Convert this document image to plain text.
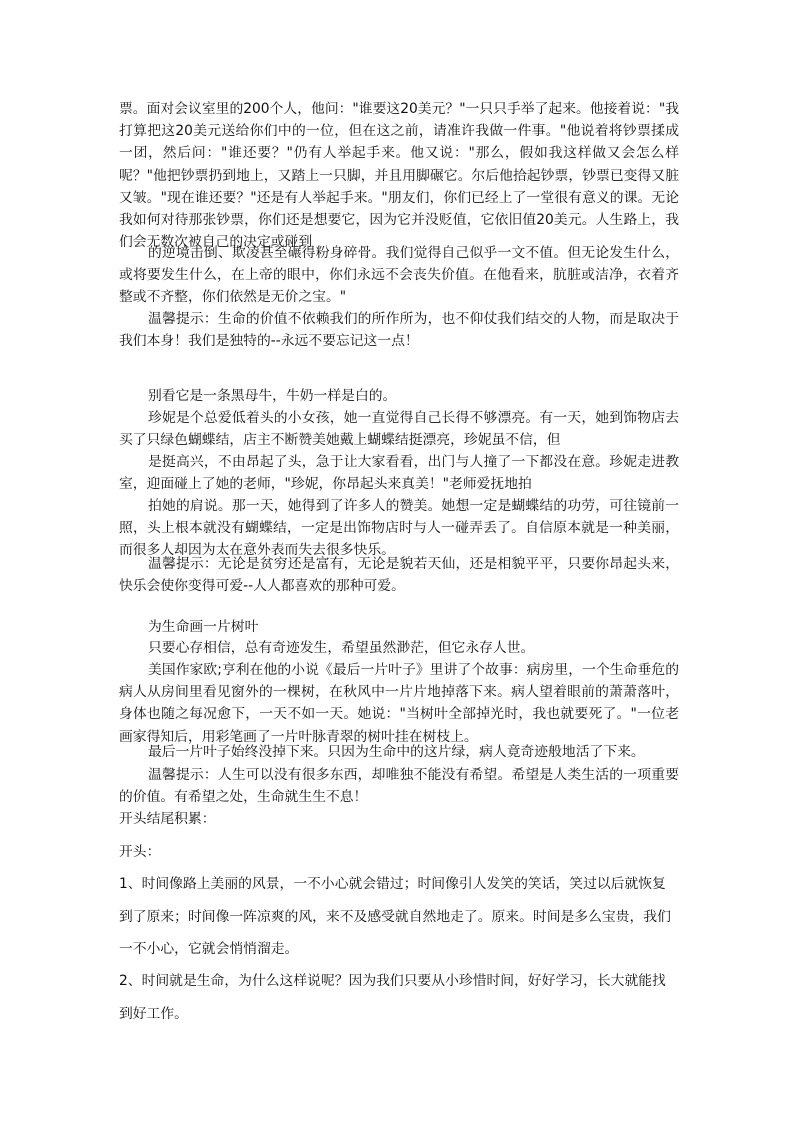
票。面对会议室里的200个人，他问："谁要这20美元？"一只只手举了起来。他接着说："我打算把这20美元送给你们中的一位，但在这之前，请准许我做一件事。"他说着将钞票揉成一团，然后问："谁还要？"仍有人举起手来。他又说："那么，假如我这样做又会怎么样呢？"他把钞票扔到地上，又踏上一只脚，并且用脚碾它。尔后他拾起钞票，钞票已变得又脏又皱。"现在谁还要？"还是有人举起手来。"朋友们，你们已经上了一堂很有意义的课。无论我如何对待那张钞票，你们还是想要它，因为它并没贬值，它依旧值20美元。人生路上，我们会无数次被自己的决定或碰到

的逆境击倒、欺凌甚至碾得粉身碎骨。我们觉得自己似乎一文不值。但无论发生什么，或将要发生什么，在上帝的眼中，你们永远不会丧失价值。在他看来，肮脏或洁净，衣着齐整或不齐整，你们依然是无价之宝。"

温馨提示：生命的价值不依赖我们的所作所为，也不仰仗我们结交的人物，而是取决于我们本身！我们是独特的--永远不要忘记这一点！

别看它是一条黑母牛，牛奶一样是白的。

珍妮是个总爱低着头的小女孩，她一直觉得自己长得不够漂亮。有一天，她到饰物店去买了只绿色蝴蝶结，店主不断赞美她戴上蝴蝶结挺漂亮，珍妮虽不信，但

是挺高兴，不由昂起了头，急于让大家看看，出门与人撞了一下都没在意。珍妮走进教室，迎面碰上了她的老师，"珍妮，你昂起头来真美！"老师爱抚地拍

拍她的肩说。那一天，她得到了许多人的赞美。她想一定是蝴蝶结的功劳，可往镜前一照，头上根本就没有蝴蝶结，一定是出饰物店时与人一碰弄丢了。自信原本就是一种美丽，而很多人却因为太在意外表而失去很多快乐。

温馨提示：无论是贫穷还是富有，无论是貌若天仙，还是相貌平平，只要你昂起头来，快乐会使你变得可爱--人人都喜欢的那种可爱。

为生命画一片树叶

只要心存相信，总有奇迹发生，希望虽然渺茫，但它永存人世。

美国作家欧;亨利在他的小说《最后一片叶子》里讲了个故事：病房里，一个生命垂危的病人从房间里看见窗外的一棵树，在秋风中一片片地掉落下来。病人望着眼前的萧萧落叶，身体也随之每况愈下，一天不如一天。她说："当树叶全部掉光时，我也就要死了。"一位老画家得知后，用彩笔画了一片叶脉青翠的树叶挂在树枝上。

最后一片叶子始终没掉下来。只因为生命中的这片绿，病人竟奇迹般地活了下来。

温馨提示：人生可以没有很多东西，却唯独不能没有希望。希望是人类生活的一项重要的价值。有希望之处，生命就生生不息！

开头结尾积累：

开头：

1、时间像路上美丽的风景，一不小心就会错过；时间像引人发笑的笑话，笑过以后就恢复到了原来；时间像一阵凉爽的风，来不及感受就自然地走了。原来。时间是多么宝贵，我们一不小心，它就会悄悄溜走。

2、时间就是生命，为什么这样说呢？因为我们只要从小珍惜时间，好好学习，长大就能找到好工作。
